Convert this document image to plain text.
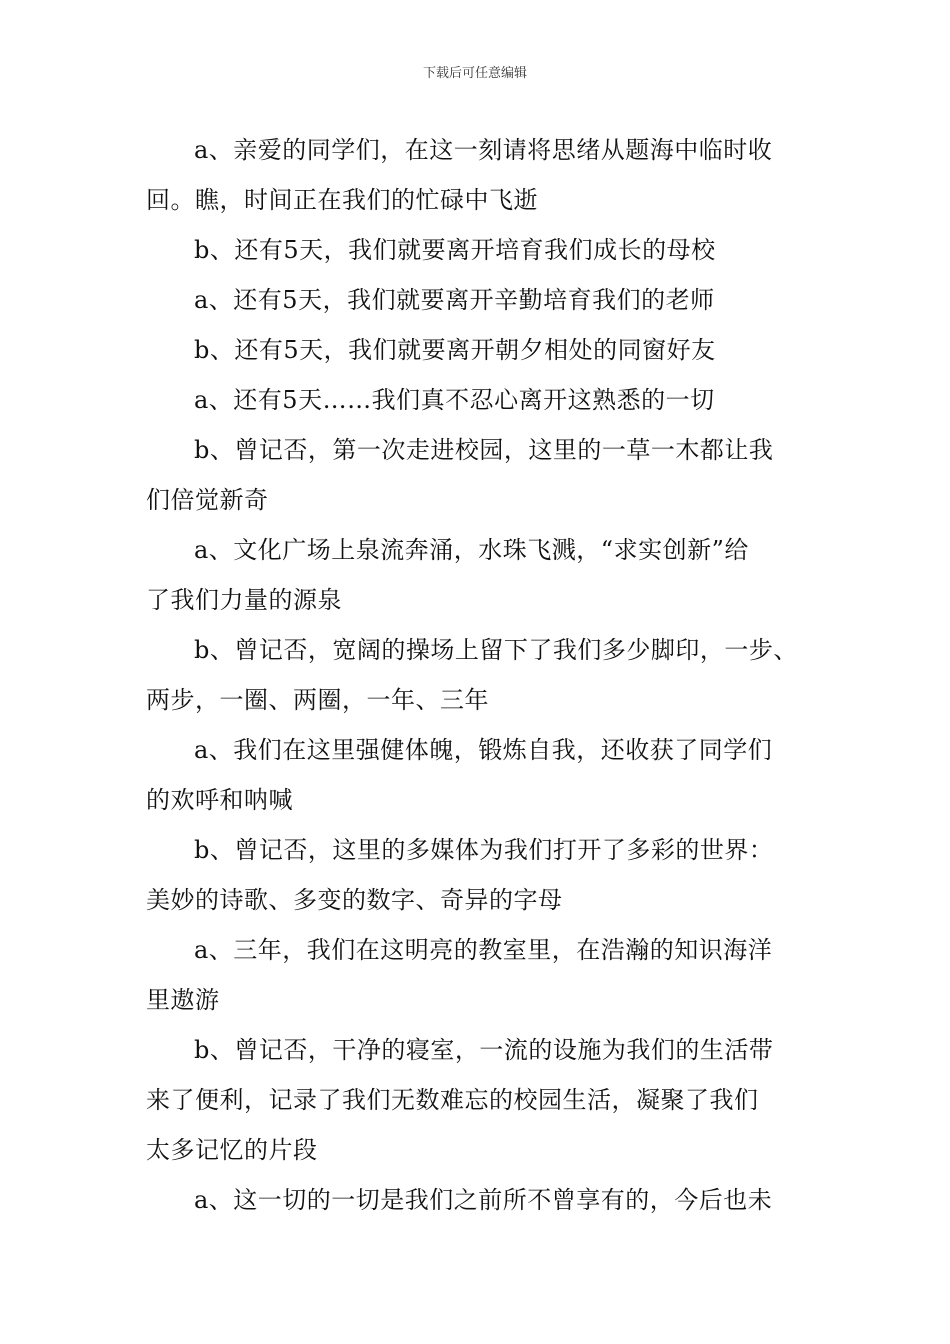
下载后可任意编辑

a、亲爱的同学们，在这一刻请将思绪从题海中临时收
回。瞧，时间正在我们的忙碌中飞逝

b、还有5天，我们就要离开培育我们成长的母校

a、还有5天，我们就要离开辛勤培育我们的老师

b、还有5天，我们就要离开朝夕相处的同窗好友

a、还有5天……我们真不忍心离开这熟悉的一切

b、曾记否，第一次走进校园，这里的一草一木都让我
们倍觉新奇

a、文化广场上泉流奔涌，水珠飞溅，“求实创新”给
了我们力量的源泉

b、曾记否，宽阔的操场上留下了我们多少脚印，一步、
两步，一圈、两圈，一年、三年

a、我们在这里强健体魄，锻炼自我，还收获了同学们
的欢呼和呐喊

b、曾记否，这里的多媒体为我们打开了多彩的世界：
美妙的诗歌、多变的数字、奇异的字母

a、三年，我们在这明亮的教室里，在浩瀚的知识海洋
里遨游

b、曾记否，干净的寝室，一流的设施为我们的生活带
来了便利，记录了我们无数难忘的校园生活，凝聚了我们
太多记忆的片段

a、这一切的一切是我们之前所不曾享有的，今后也未
